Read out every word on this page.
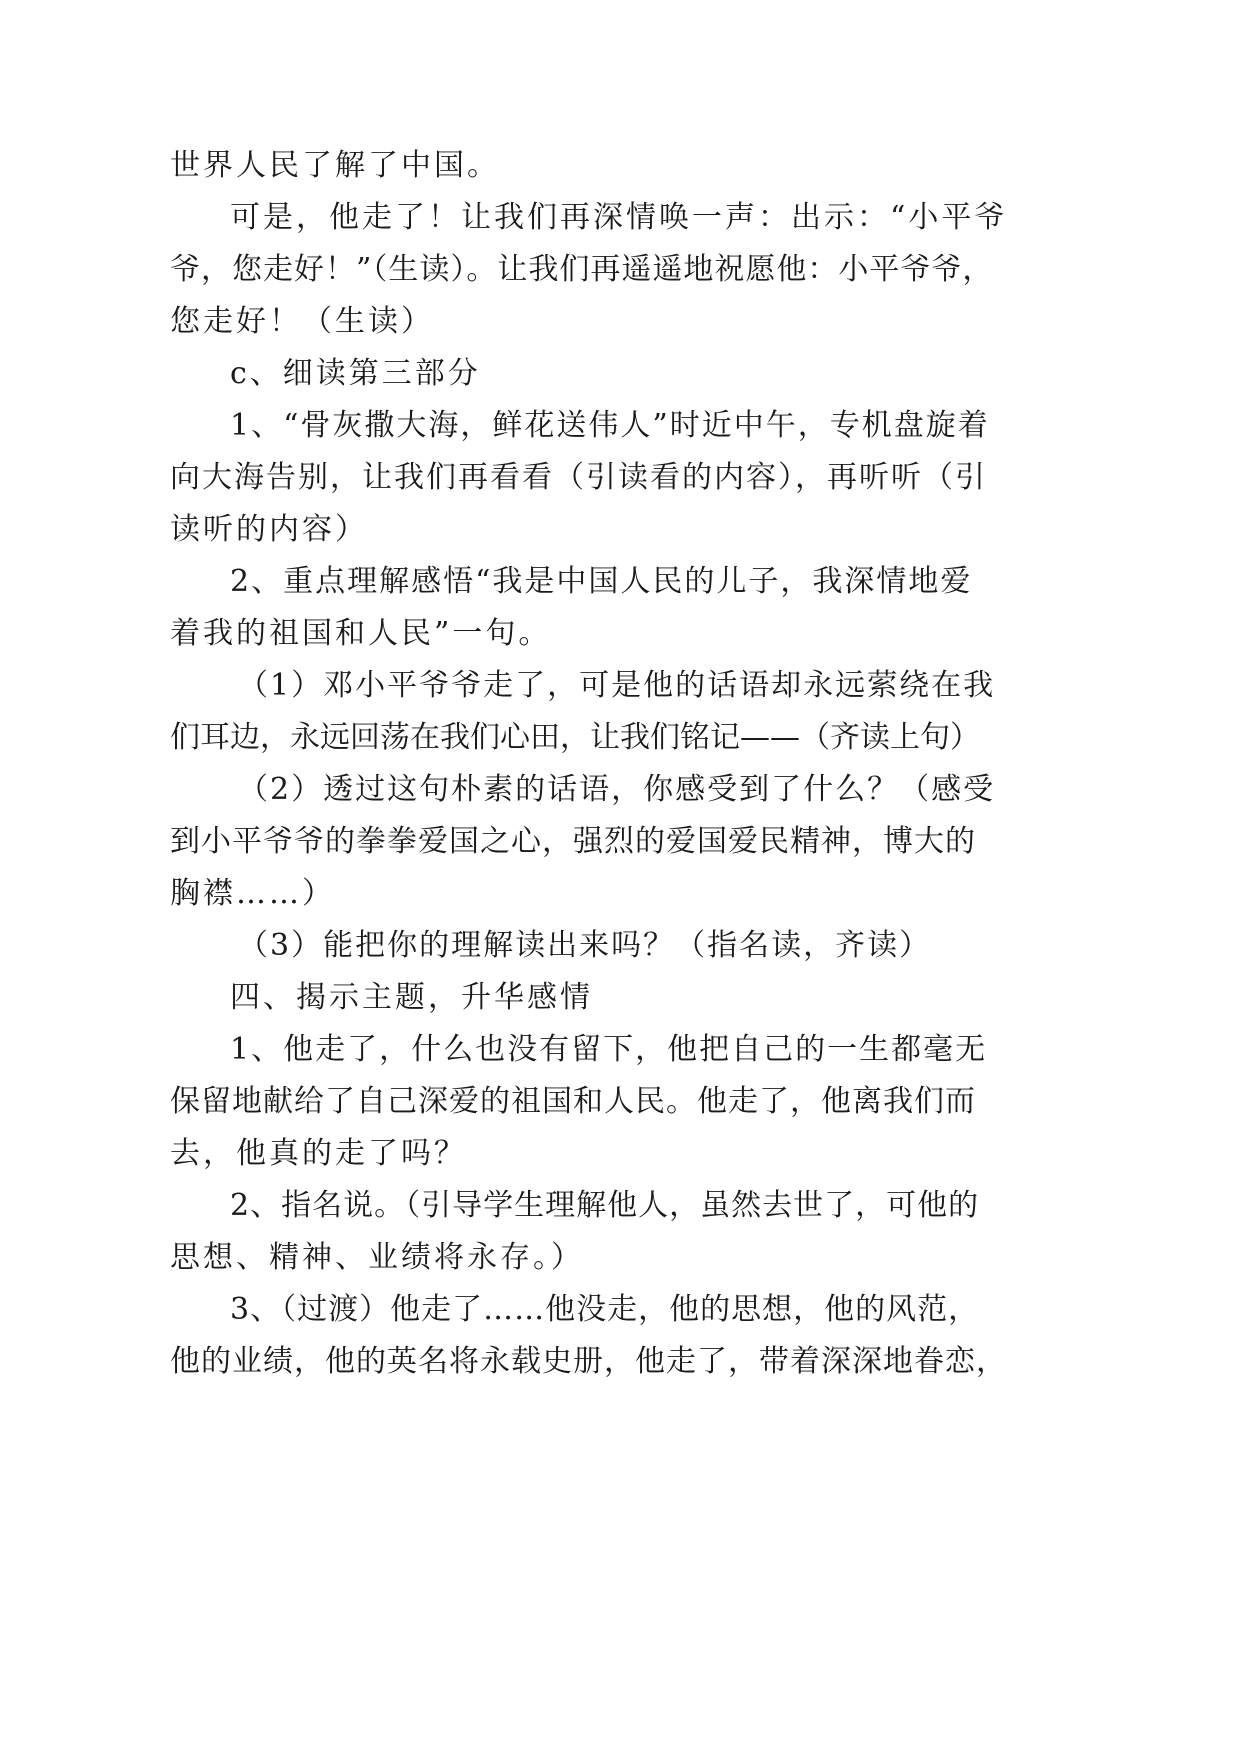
世界人民了解了中国。
可是，他走了！让我们再深情唤一声：出示：“小平爷
爷，您走好！”（生读）。让我们再遥遥地祝愿他：小平爷爷，
您走好！（生读）
c、细读第三部分
1、“骨灰撒大海，鲜花送伟人”时近中午，专机盘旋着
向大海告别，让我们再看看（引读看的内容），再听听（引
读听的内容）
2、重点理解感悟“我是中国人民的儿子，我深情地爱
着我的祖国和人民”一句。
（1）邓小平爷爷走了，可是他的话语却永远萦绕在我
们耳边，永远回荡在我们心田，让我们铭记——（齐读上句）
（2）透过这句朴素的话语，你感受到了什么？（感受
到小平爷爷的拳拳爱国之心，强烈的爱国爱民精神，博大的
胸襟……）
（3）能把你的理解读出来吗？（指名读，齐读）
四、揭示主题，升华感情
1、他走了，什么也没有留下，他把自己的一生都毫无
保留地献给了自己深爱的祖国和人民。他走了，他离我们而
去，他真的走了吗？
2、指名说。（引导学生理解他人，虽然去世了，可他的
思想、精神、业绩将永存。）
3、（过渡）他走了……他没走，他的思想，他的风范，
他的业绩，他的英名将永载史册，他走了，带着深深地眷恋，
